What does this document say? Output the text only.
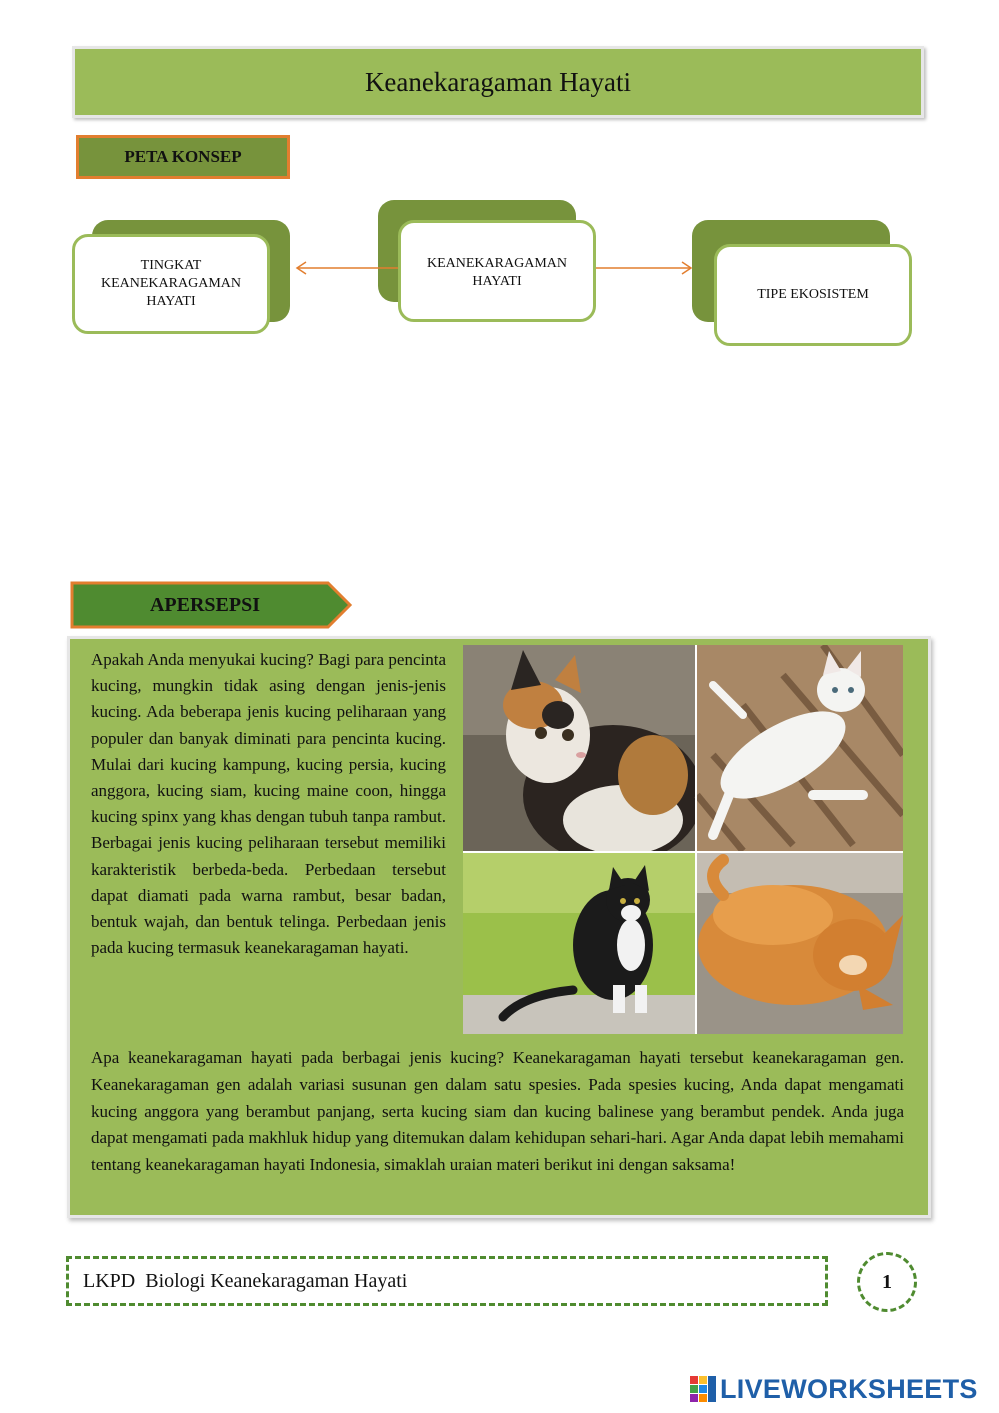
Keanekaragaman Hayati
PETA KONSEP
TINGKAT KEANEKARAGAMAN HAYATI
KEANEKARAGAMAN HAYATI
TIPE EKOSISTEM
APERSEPSI
Apakah Anda menyukai kucing? Bagi para pencinta kucing, mungkin tidak asing dengan jenis-jenis kucing. Ada beberapa jenis kucing peliharaan yang populer dan banyak diminati para pencinta kucing. Mulai dari kucing kampung, kucing persia, kucing anggora, kucing siam, kucing maine coon, hingga kucing spinx yang khas dengan tubuh tanpa rambut. Berbagai jenis kucing peliharaan tersebut memiliki karakteristik berbeda-beda. Perbedaan tersebut dapat diamati pada warna rambut, besar badan, bentuk wajah, dan bentuk telinga. Perbedaan jenis pada kucing termasuk keanekaragaman hayati.
Apa keanekaragaman hayati pada berbagai jenis kucing? Keanekaragaman hayati tersebut keanekaragaman gen. Keanekaragaman gen adalah variasi susunan gen dalam satu spesies. Pada spesies kucing, Anda dapat mengamati kucing anggora yang berambut panjang, serta kucing siam dan kucing balinese yang berambut pendek. Anda juga dapat mengamati pada makhluk hidup yang ditemukan dalam kehidupan sehari-hari. Agar Anda dapat lebih memahami tentang keanekaragaman hayati Indonesia, simaklah uraian materi berikut ini dengan saksama!
LKPD  Biologi Keanekaragaman Hayati	1
LIVEWORKSHEETS
